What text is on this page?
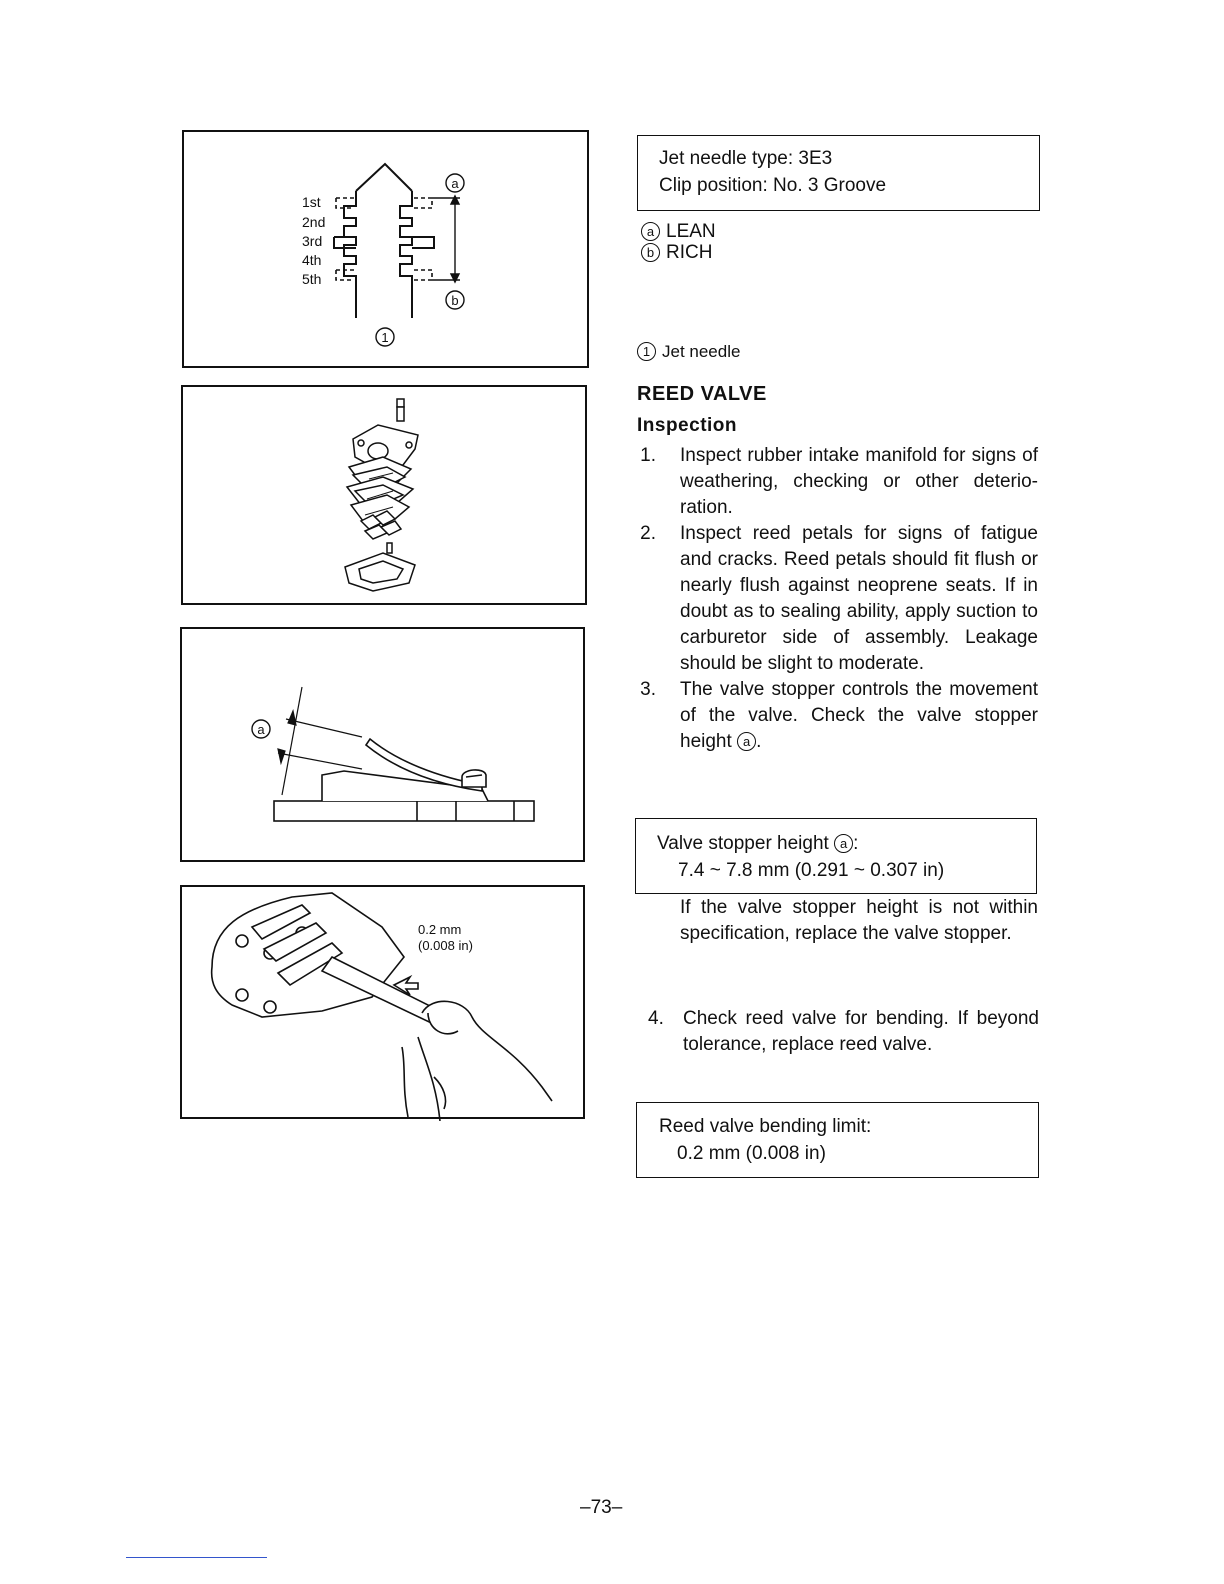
1st
2nd
3rd
4th
5th
a
b
1
a
0.2 mm
(0.008 in)
Jet needle type: 3E3
Clip position: No. 3 Groove
a LEAN
b RICH
1 Jet needle
REED VALVE
Inspection
1. Inspect rubber intake manifold for signs of weathering, checking or other deterio-ration.
2. Inspect reed petals for signs of fatigue and cracks. Reed petals should fit flush or nearly flush against neoprene seats. If in doubt as to sealing ability, apply suction to carburetor side of assembly. Leakage should be slight to moderate.
3. The valve stopper controls the movement of the valve. Check the valve stopper height a .
Valve stopper height a :
7.4 ~ 7.8 mm (0.291 ~ 0.307 in)
If the valve stopper height is not within specification, replace the valve stopper.
4. Check reed valve for bending. If beyond tolerance, replace reed valve.
Reed valve bending limit:
0.2 mm (0.008 in)
–73–
